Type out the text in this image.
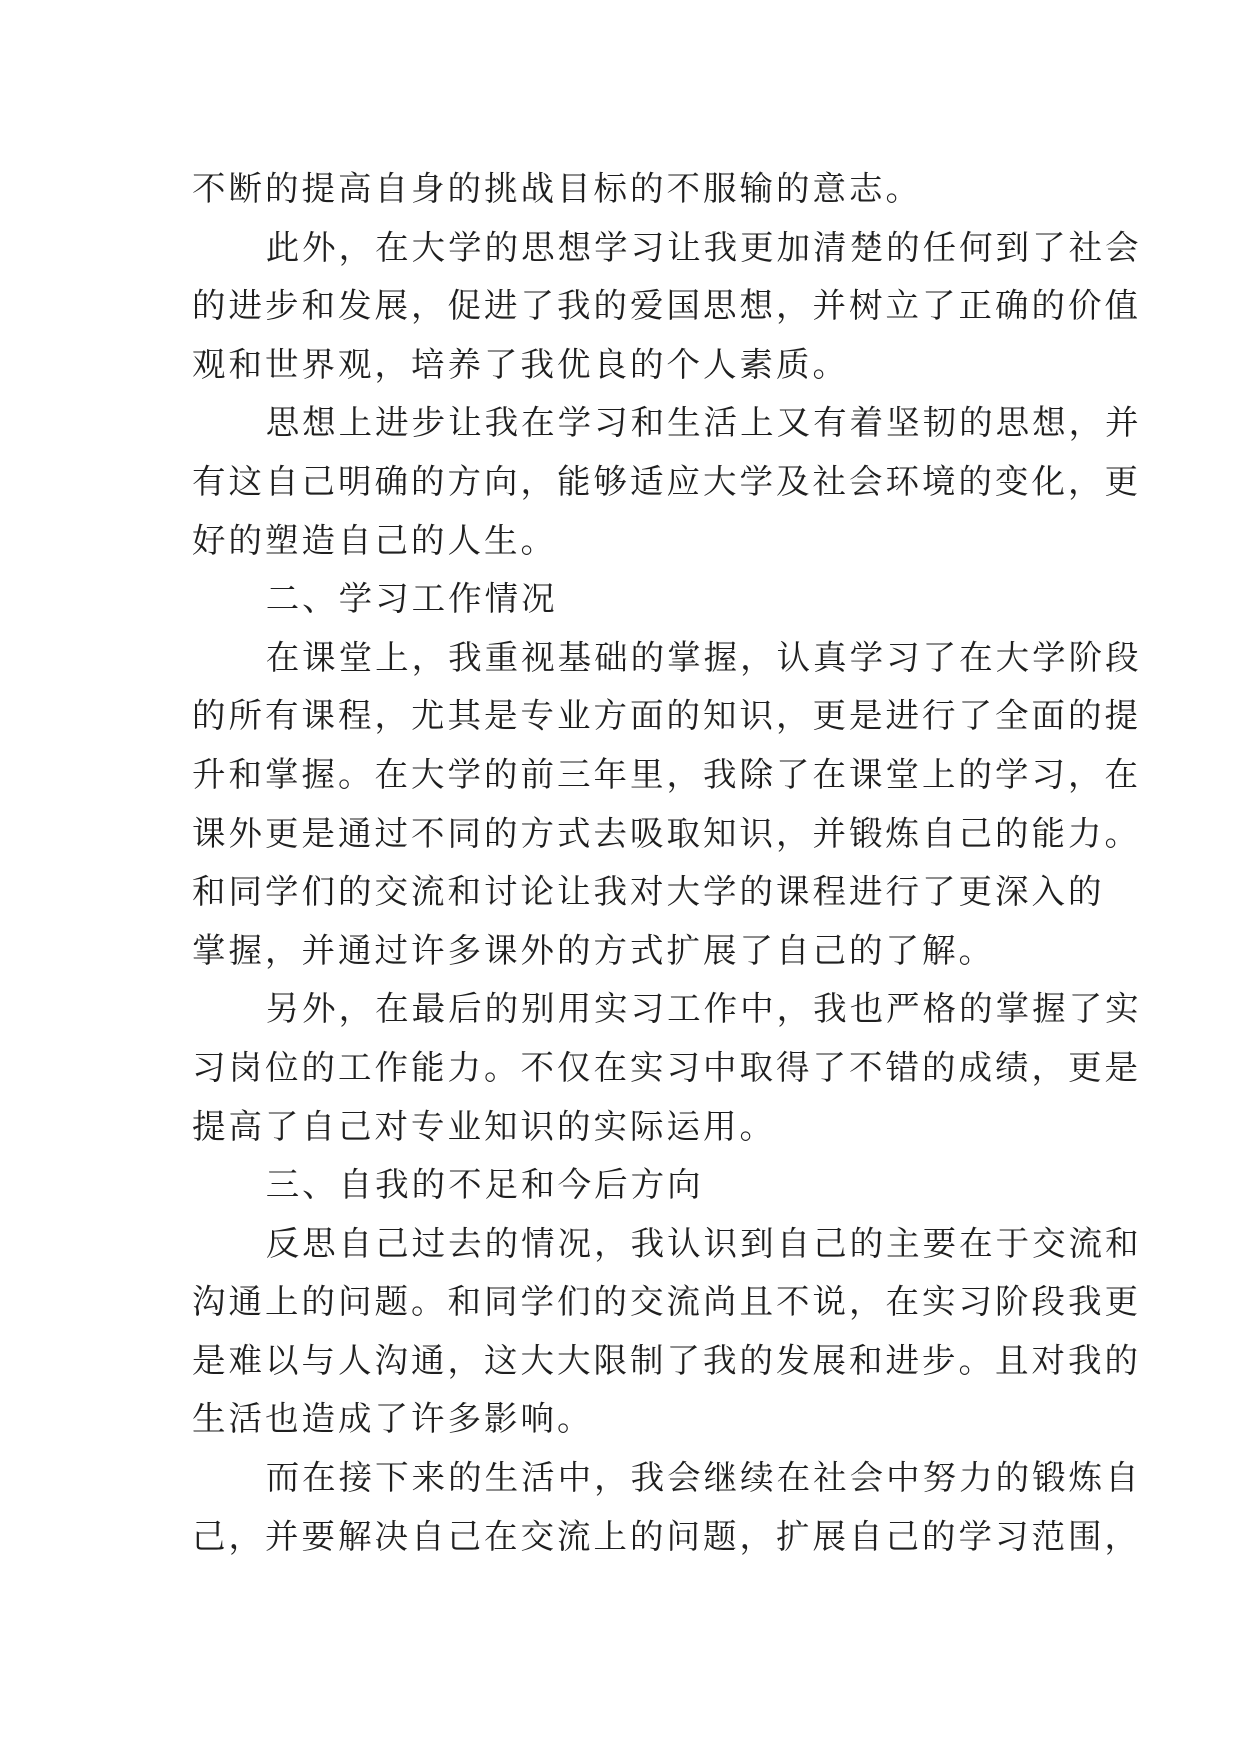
不断的提高自身的挑战目标的不服输的意志。

此外，在大学的思想学习让我更加清楚的任何到了社会
的进步和发展，促进了我的爱国思想，并树立了正确的价值
观和世界观，培养了我优良的个人素质。

思想上进步让我在学习和生活上又有着坚韧的思想，并
有这自己明确的方向，能够适应大学及社会环境的变化，更
好的塑造自己的人生。

二、学习工作情况

在课堂上，我重视基础的掌握，认真学习了在大学阶段
的所有课程，尤其是专业方面的知识，更是进行了全面的提
升和掌握。在大学的前三年里，我除了在课堂上的学习，在
课外更是通过不同的方式去吸取知识，并锻炼自己的能力。
和同学们的交流和讨论让我对大学的课程进行了更深入的
掌握，并通过许多课外的方式扩展了自己的了解。

另外，在最后的别用实习工作中，我也严格的掌握了实
习岗位的工作能力。不仅在实习中取得了不错的成绩，更是
提高了自己对专业知识的实际运用。

三、自我的不足和今后方向

反思自己过去的情况，我认识到自己的主要在于交流和
沟通上的问题。和同学们的交流尚且不说，在实习阶段我更
是难以与人沟通，这大大限制了我的发展和进步。且对我的
生活也造成了许多影响。

而在接下来的生活中，我会继续在社会中努力的锻炼自
己，并要解决自己在交流上的问题，扩展自己的学习范围，
